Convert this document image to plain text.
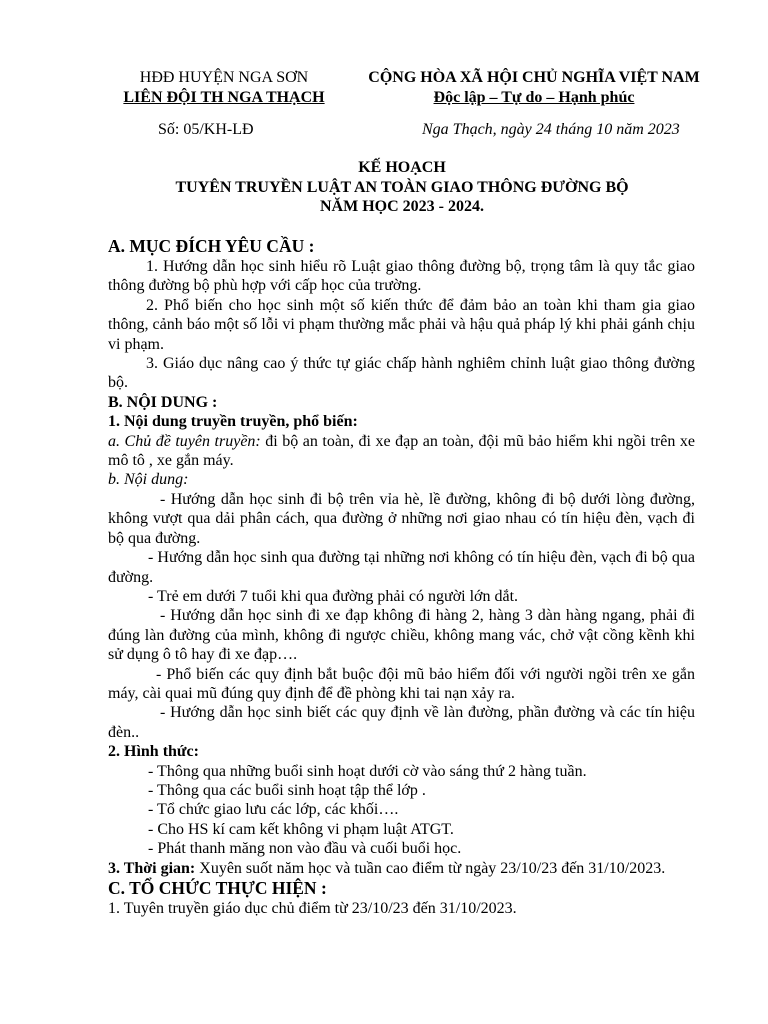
HĐĐ HUYỆN NGA SƠN
LIÊN ĐỘI TH NGA THẠCH
CỘNG HÒA XÃ HỘI CHỦ NGHĨA VIỆT NAM
Độc lập – Tự do – Hạnh phúc
Số: 05/KH-LĐ	Nga Thạch, ngày 24 tháng 10 năm 2023
KẾ HOẠCH
TUYÊN TRUYỀN LUẬT AN TOÀN GIAO THÔNG ĐƯỜNG BỘ
NĂM HỌC 2023 - 2024.

A. MỤC ĐÍCH YÊU CẦU :

1. Hướng dẫn học sinh hiểu rõ Luật giao thông đường bộ, trọng tâm là quy tắc giao thông đường bộ phù hợp với cấp học của trường.

2. Phổ biến cho học sinh một số kiến thức để đảm bảo an toàn khi tham gia giao thông, cảnh báo một số lỗi vi phạm thường mắc phải và hậu quả pháp lý khi phải gánh chịu vi phạm.

3. Giáo dục nâng cao ý thức tự giác chấp hành nghiêm chỉnh luật giao thông đường bộ.

B. NỘI DUNG :

1. Nội dung truyền truyền, phổ biến:

a. Chủ đề tuyên truyền: đi bộ an toàn, đi xe đạp an toàn, đội mũ bảo hiểm khi ngồi trên xe mô tô , xe gắn máy.

b. Nội dung:

- Hướng dẫn học sinh đi bộ trên vỉa hè, lề đường, không đi bộ dưới lòng đường, không vượt qua dải phân cách, qua đường ở những nơi giao nhau có tín hiệu đèn, vạch đi bộ qua đường.

- Hướng dẫn học sinh qua đường tại những nơi không có tín hiệu đèn, vạch đi bộ qua đường.

- Trẻ em dưới 7 tuổi khi qua đường phải có người lớn dắt.

- Hướng dẫn học sinh đi xe đạp không đi hàng 2, hàng 3 dàn hàng ngang, phải đi đúng làn đường của mình, không đi ngược chiều, không mang vác, chở vật cồng kềnh khi sử dụng ô tô hay đi xe đạp….

- Phổ biến các quy định bắt buộc đội mũ bảo hiểm đối với người ngồi trên xe gắn máy, cài quai mũ đúng quy định để đề phòng khi tai nạn xảy ra.

- Hướng dẫn học sinh biết các quy định về làn đường, phần đường và các tín hiệu đèn..

2. Hình thức:

- Thông qua những buổi sinh hoạt dưới cờ vào sáng thứ 2 hàng tuần.

- Thông qua các buổi sinh hoạt tập thể lớp .

- Tổ chức giao lưu các lớp, các khối….

- Cho HS kí cam kết không vi phạm luật ATGT.

- Phát thanh măng non vào đầu và cuối buổi học.

3. Thời gian: Xuyên suốt năm học và tuần cao điểm từ ngày 23/10/23 đến 31/10/2023.

C. TỔ CHỨC THỰC HIỆN :

1. Tuyên truyền giáo dục chủ điểm từ 23/10/23 đến 31/10/2023.
